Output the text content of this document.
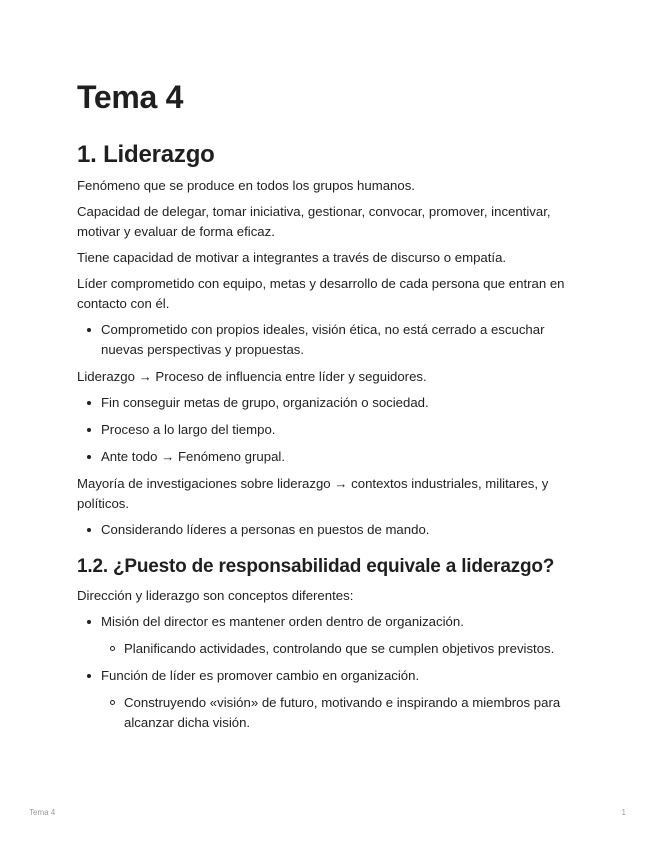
Tema 4
1. Liderazgo

Fenómeno que se produce en todos los grupos humanos.

Capacidad de delegar, tomar iniciativa, gestionar, convocar, promover, incentivar, motivar y evaluar de forma eficaz.

Tiene capacidad de motivar a integrantes a través de discurso o empatía.

Líder comprometido con equipo, metas y desarrollo de cada persona que entran en contacto con él.

Comprometido con propios ideales, visión ética, no está cerrado a escuchar nuevas perspectivas y propuestas.

Liderazgo → Proceso de influencia entre líder y seguidores.

Fin conseguir metas de grupo, organización o sociedad.
Proceso a lo largo del tiempo.
Ante todo → Fenómeno grupal.

Mayoría de investigaciones sobre liderazgo → contextos industriales, militares, y políticos.

Considerando líderes a personas en puestos de mando.
1.2. ¿Puesto de responsabilidad equivale a liderazgo?

Dirección y liderazgo son conceptos diferentes:

Misión del director es mantener orden dentro de organización.
Planificando actividades, controlando que se cumplen objetivos previstos.
Función de líder es promover cambio en organización.
Construyendo «visión» de futuro, motivando e inspirando a miembros para alcanzar dicha visión.
Tema 4	1
